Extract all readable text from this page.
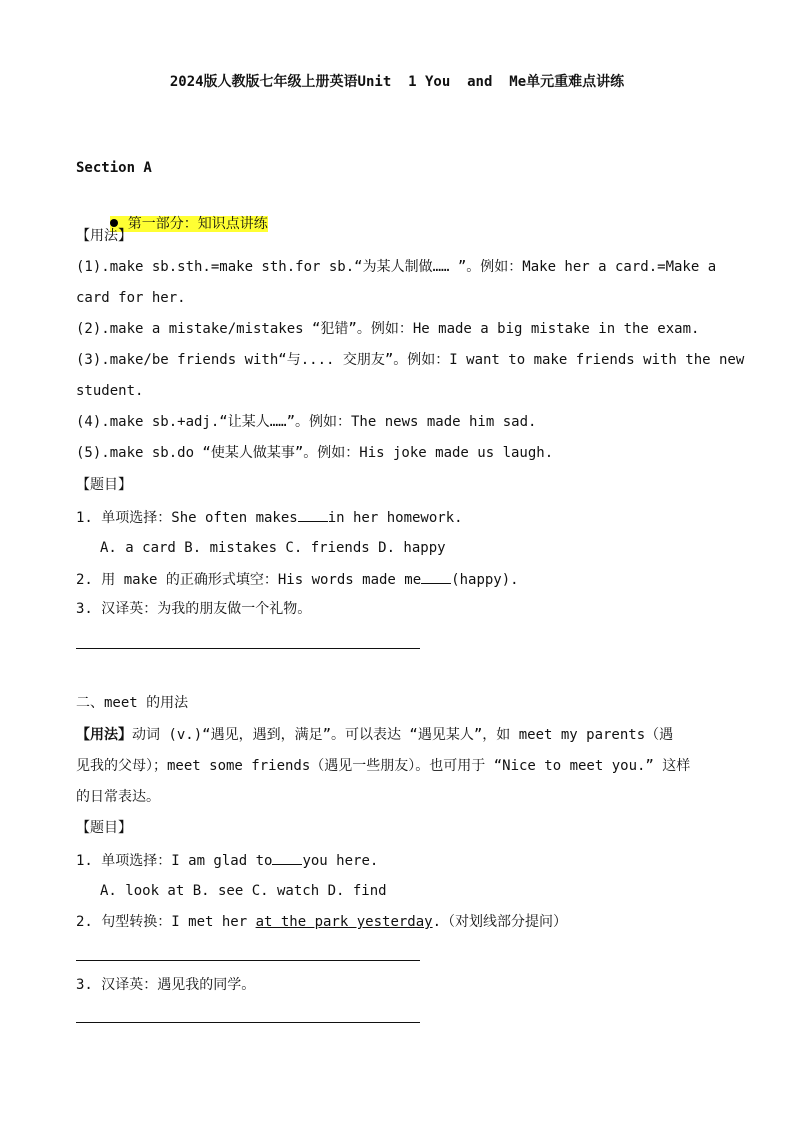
2024版人教版七年级上册英语Unit  1 You  and  Me单元重难点讲练
Section A

第一部分：知识点讲练

【用法】
(1).make sb.sth.=make sth.for sb.“为某人制做…… ”。例如：Make her a card.=Make a
card for her.
(2).make a mistake/mistakes “犯错”。例如：He made a big mistake in the exam.
(3).make/be friends with“与.... 交朋友”。例如：I want to make friends with the new
student.
(4).make sb.+adj.“让某人……”。例如：The news made him sad.
(5).make sb.do “使某人做某事”。例如：His joke made us laugh.
【题目】
1. 单项选择：She often makes in her homework.
A. a card B. mistakes C. friends D. happy
2. 用 make 的正确形式填空：His words made me (happy).
3. 汉译英：为我的朋友做一个礼物。
二、meet 的用法
【用法】动词 (v.)“遇见，遇到，满足”。可以表达 “遇见某人”，如 meet my parents（遇
见我的父母）；meet some friends（遇见一些朋友）。也可用于 “Nice to meet you.” 这样
的日常表达。
【题目】
1. 单项选择：I am glad to you here.
A. look at B. see C. watch D. find
2. 句型转换：I met her at the park yesterday.（对划线部分提问）
3. 汉译英：遇见我的同学。
